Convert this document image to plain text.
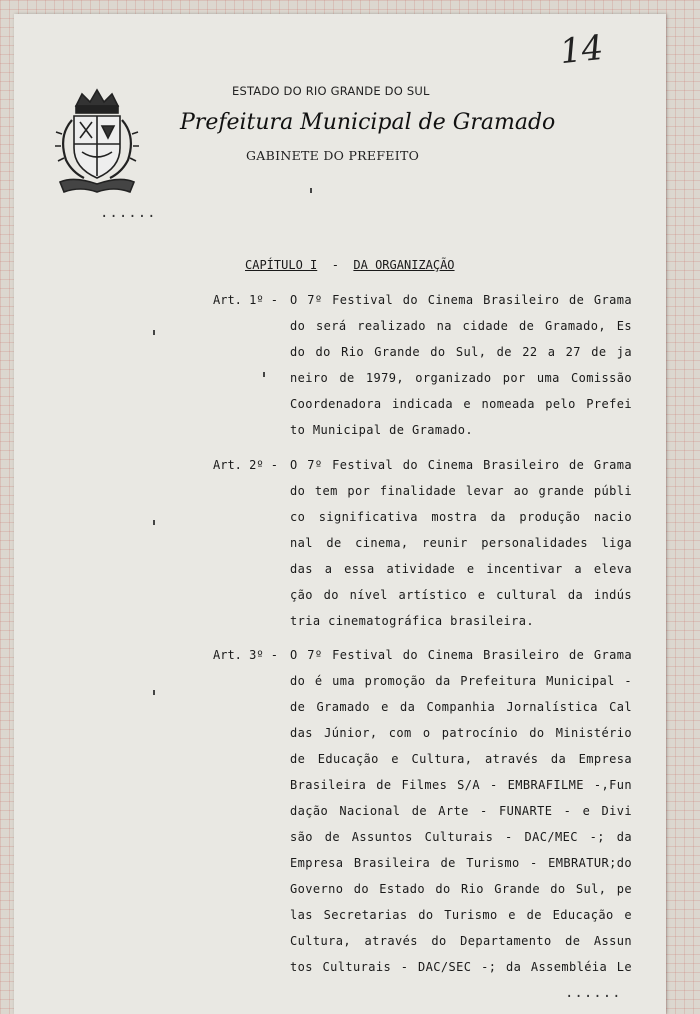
14
......
ESTADO DO RIO GRANDE DO SUL
Prefeitura Municipal de Gramado
GABINETE DO PREFEITO
CAPÍTULO I - DA ORGANIZAÇÃO
Art. 1º - O 7º Festival do Cinema Brasileiro de Grama
do será realizado na cidade de Gramado, Es
do do Rio Grande do Sul, de 22 a 27 de ja
neiro de 1979, organizado por uma Comissão
Coordenadora indicada e nomeada pelo Prefei
to Municipal de Gramado.
Art. 2º - O 7º Festival do Cinema Brasileiro de Grama
do tem por finalidade levar ao grande públi
co significativa mostra da produção nacio
nal de cinema, reunir personalidades liga
das a essa atividade e incentivar a eleva
ção do nível artístico e cultural da indús
tria cinematográfica brasileira.
Art. 3º - O 7º Festival do Cinema Brasileiro de Grama
do é uma promoção da Prefeitura Municipal -
de Gramado e da Companhia Jornalística Cal
das Júnior, com o patrocínio do Ministério
de Educação e Cultura, através da Empresa
Brasileira de Filmes S/A - EMBRAFILME -,Fun
dação Nacional de Arte - FUNARTE - e Divi
são de Assuntos Culturais - DAC/MEC -; da
Empresa Brasileira de Turismo - EMBRATUR;do
Governo do Estado do Rio Grande do Sul, pe
las Secretarias do Turismo e de Educação e
Cultura, através do Departamento de Assun
tos Culturais - DAC/SEC -; da Assembléia Le
......
